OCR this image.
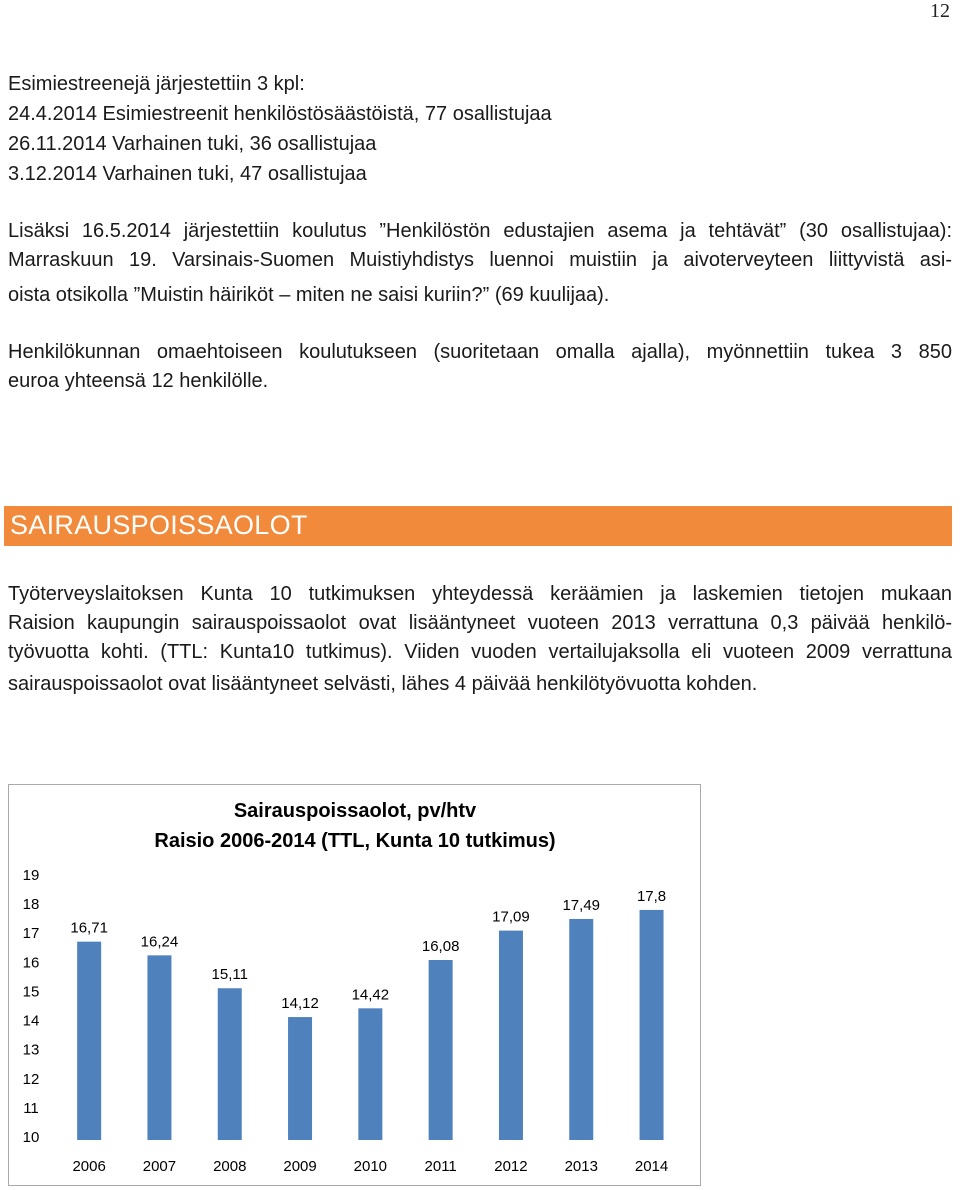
12
Esimiestreenejä järjestettiin 3 kpl:
24.4.2014 Esimiestreenit henkilöstösäästöistä, 77 osallistujaa
26.11.2014 Varhainen tuki, 36 osallistujaa
3.12.2014 Varhainen tuki, 47 osallistujaa
Lisäksi 16.5.2014 järjestettiin koulutus ”Henkilöstön edustajien asema ja tehtävät” (30 osallistujaa):
Marraskuun 19. Varsinais-Suomen Muistiyhdistys luennoi muistiin ja aivoterveyteen liittyvistä asi-
oista otsikolla ”Muistin häiriköt – miten ne saisi kuriin?” (69 kuulijaa).
Henkilökunnan omaehtoiseen koulutukseen (suoritetaan omalla ajalla), myönnettiin tukea 3 850
euroa yhteensä 12 henkilölle.
SAIRAUSPOISSAOLOT
Työterveyslaitoksen Kunta 10 tutkimuksen yhteydessä keräämien ja laskemien tietojen mukaan
Raision kaupungin sairauspoissaolot ovat lisääntyneet vuoteen 2013 verrattuna 0,3 päivää henkilö-
työvuotta kohti. (TTL: Kunta10 tutkimus). Viiden vuoden vertailujaksolla eli vuoteen 2009 verrattuna
sairauspoissaolot ovat lisääntyneet selvästi, lähes 4 päivää henkilötyövuotta kohden.
Sairauspoissaolot, pv/htv
Raisio 2006-2014 (TTL, Kunta 10 tutkimus)
10
11
12
13
14
15
16
17
18
19
16,71
16,24
15,11
14,12
14,42
16,08
17,09
17,49
17,8
2006 2007 2008 2009 2010 2011 2012 2013 2014
